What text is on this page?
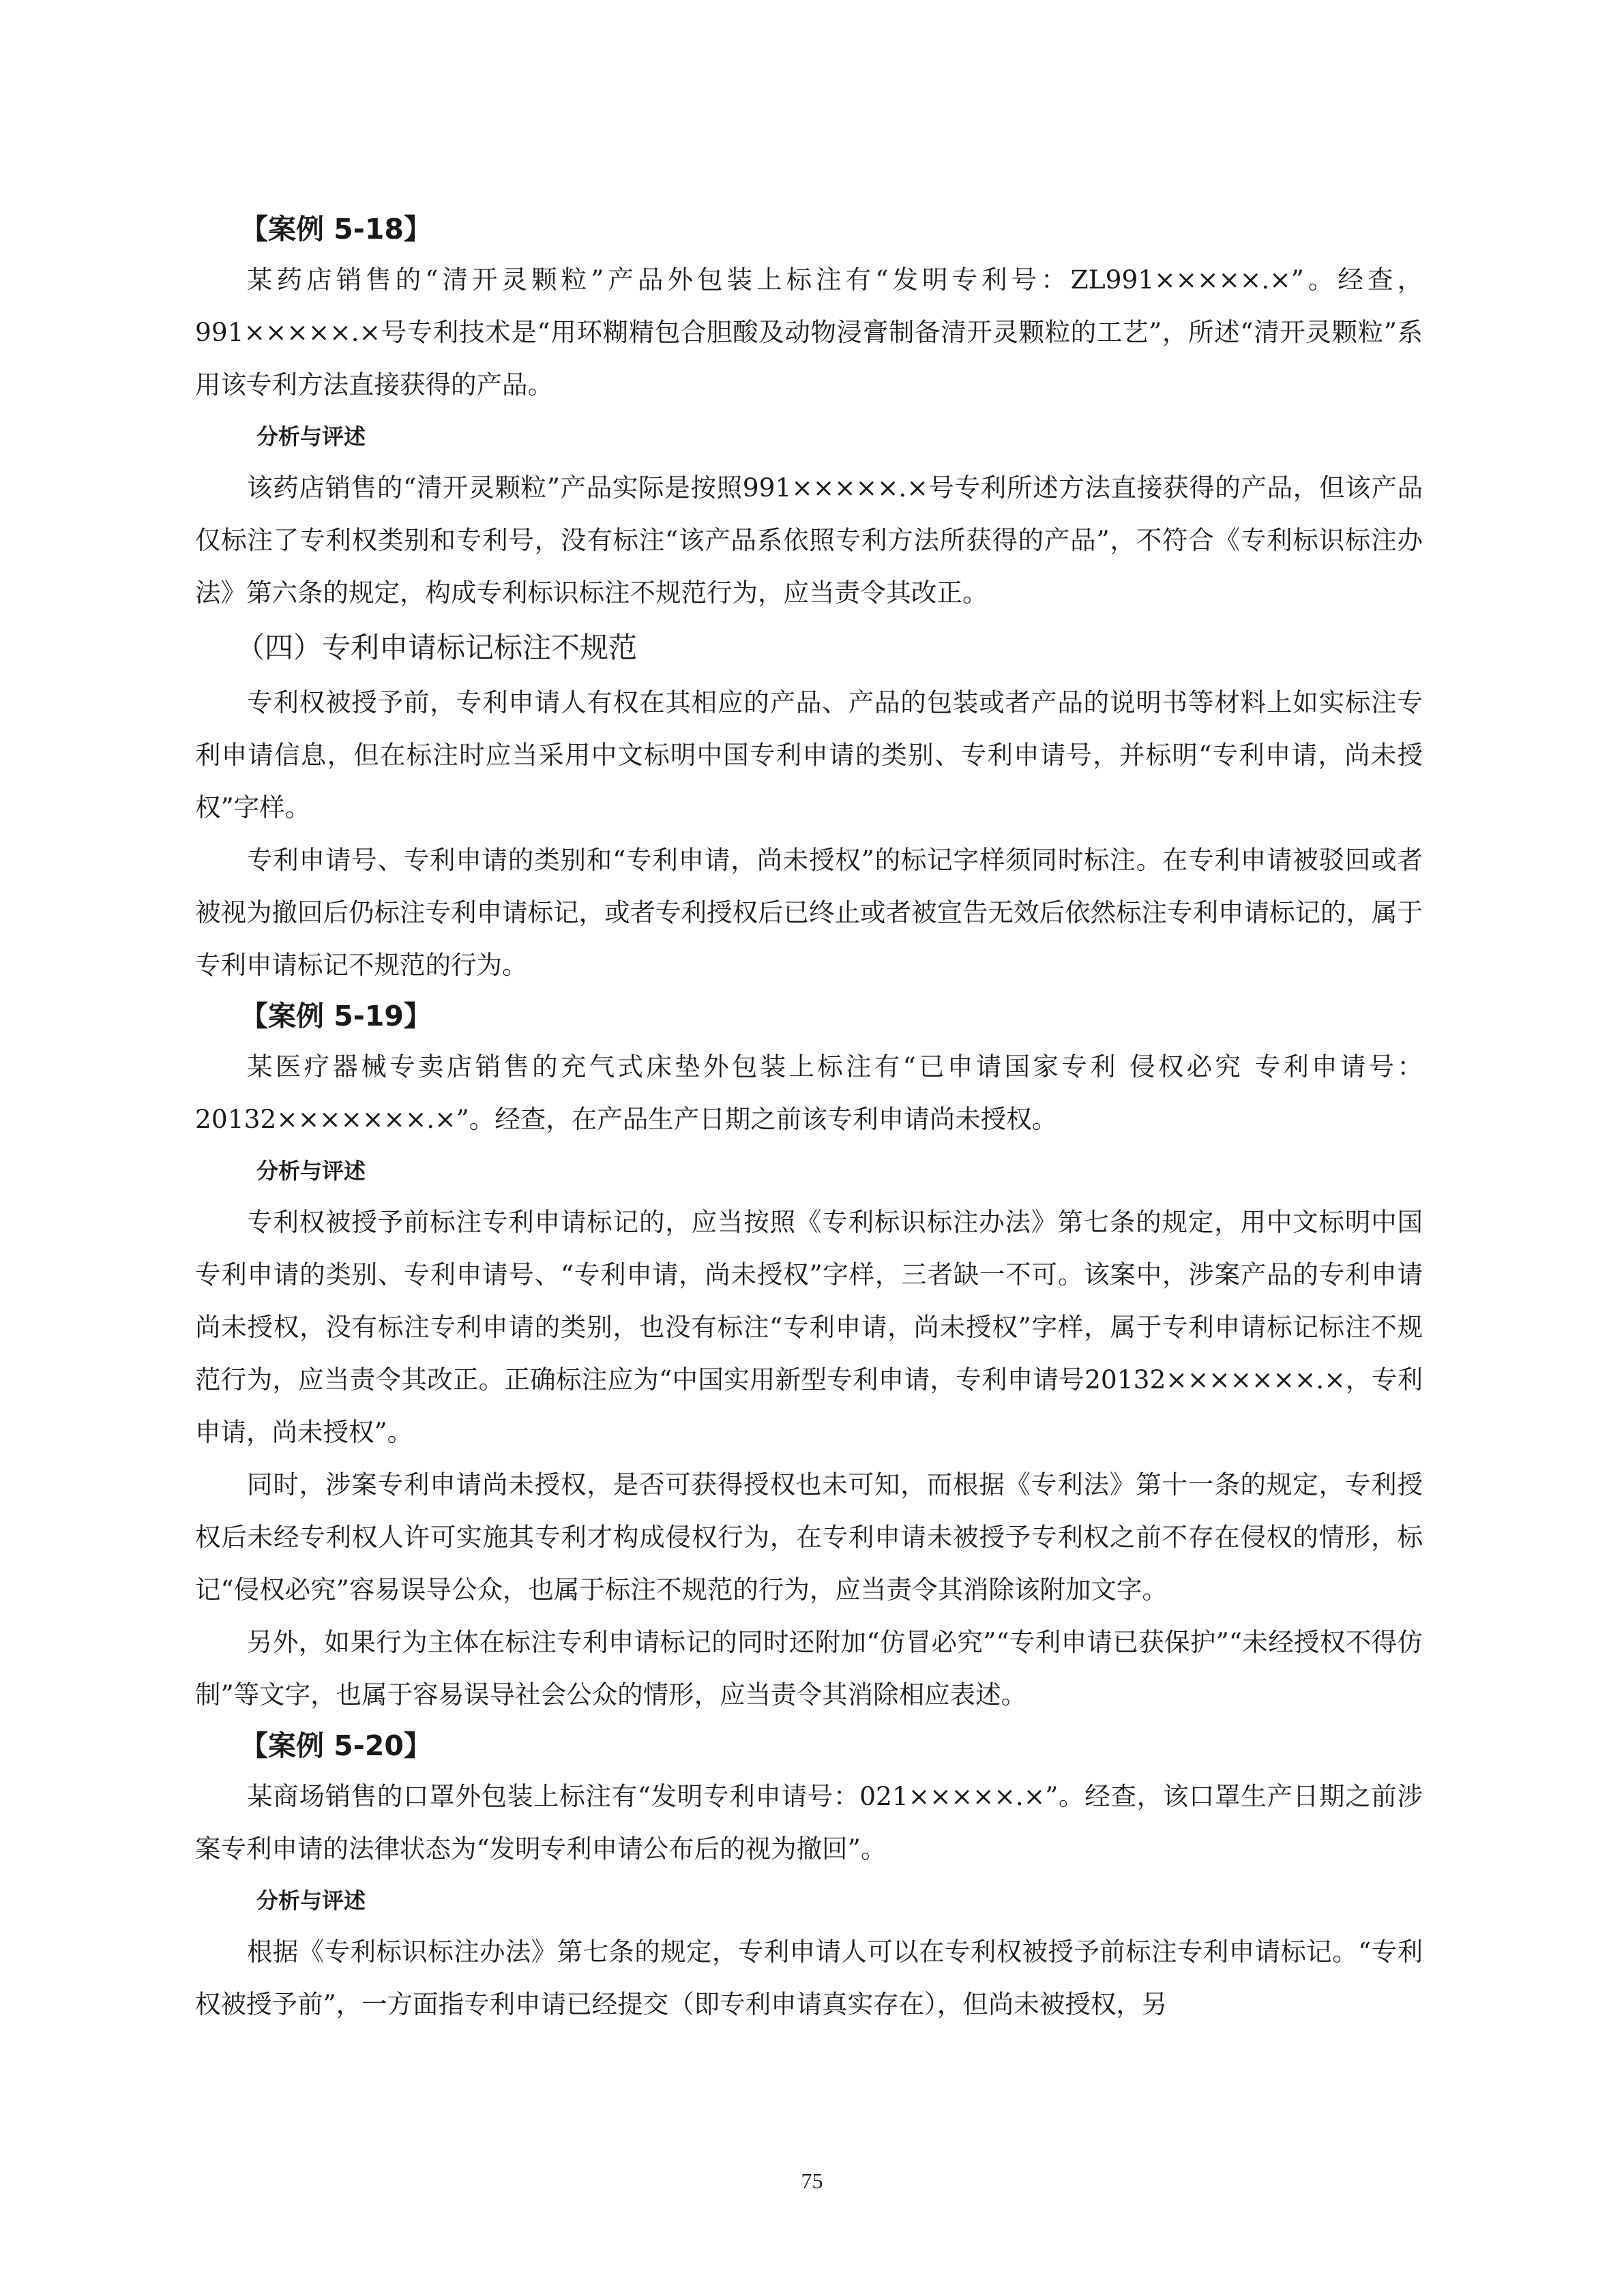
【案例 5-18】

某药店销售的“清开灵颗粒”产品外包装上标注有“发明专利号：ZL991×××××.×”。经查，991×××××.×号专利技术是“用环糊精包合胆酸及动物浸膏制备清开灵颗粒的工艺”，所述“清开灵颗粒”系用该专利方法直接获得的产品。

分析与评述

该药店销售的“清开灵颗粒”产品实际是按照991×××××.×号专利所述方法直接获得的产品，但该产品仅标注了专利权类别和专利号，没有标注“该产品系依照专利方法所获得的产品”，不符合《专利标识标注办法》第六条的规定，构成专利标识标注不规范行为，应当责令其改正。

（四）专利申请标记标注不规范

专利权被授予前，专利申请人有权在其相应的产品、产品的包装或者产品的说明书等材料上如实标注专利申请信息，但在标注时应当采用中文标明中国专利申请的类别、专利申请号，并标明“专利申请，尚未授权”字样。

专利申请号、专利申请的类别和“专利申请，尚未授权”的标记字样须同时标注。在专利申请被驳回或者被视为撤回后仍标注专利申请标记，或者专利授权后已终止或者被宣告无效后依然标注专利申请标记的，属于专利申请标记不规范的行为。

【案例 5-19】

某医疗器械专卖店销售的充气式床垫外包装上标注有“已申请国家专利 侵权必究 专利申请号：20132×××××××.×”。经查，在产品生产日期之前该专利申请尚未授权。

分析与评述

专利权被授予前标注专利申请标记的，应当按照《专利标识标注办法》第七条的规定，用中文标明中国专利申请的类别、专利申请号、“专利申请，尚未授权”字样，三者缺一不可。该案中，涉案产品的专利申请尚未授权，没有标注专利申请的类别，也没有标注“专利申请，尚未授权”字样，属于专利申请标记标注不规范行为，应当责令其改正。正确标注应为“中国实用新型专利申请，专利申请号20132×××××××.×，专利申请，尚未授权”。

同时，涉案专利申请尚未授权，是否可获得授权也未可知，而根据《专利法》第十一条的规定，专利授权后未经专利权人许可实施其专利才构成侵权行为，在专利申请未被授予专利权之前不存在侵权的情形，标记“侵权必究”容易误导公众，也属于标注不规范的行为，应当责令其消除该附加文字。

另外，如果行为主体在标注专利申请标记的同时还附加“仿冒必究”“专利申请已获保护”“未经授权不得仿制”等文字，也属于容易误导社会公众的情形，应当责令其消除相应表述。

【案例 5-20】

某商场销售的口罩外包装上标注有“发明专利申请号：021×××××.×”。经查，该口罩生产日期之前涉案专利申请的法律状态为“发明专利申请公布后的视为撤回”。

分析与评述

根据《专利标识标注办法》第七条的规定，专利申请人可以在专利权被授予前标注专利申请标记。“专利权被授予前”，一方面指专利申请已经提交（即专利申请真实存在），但尚未被授权，另

75
